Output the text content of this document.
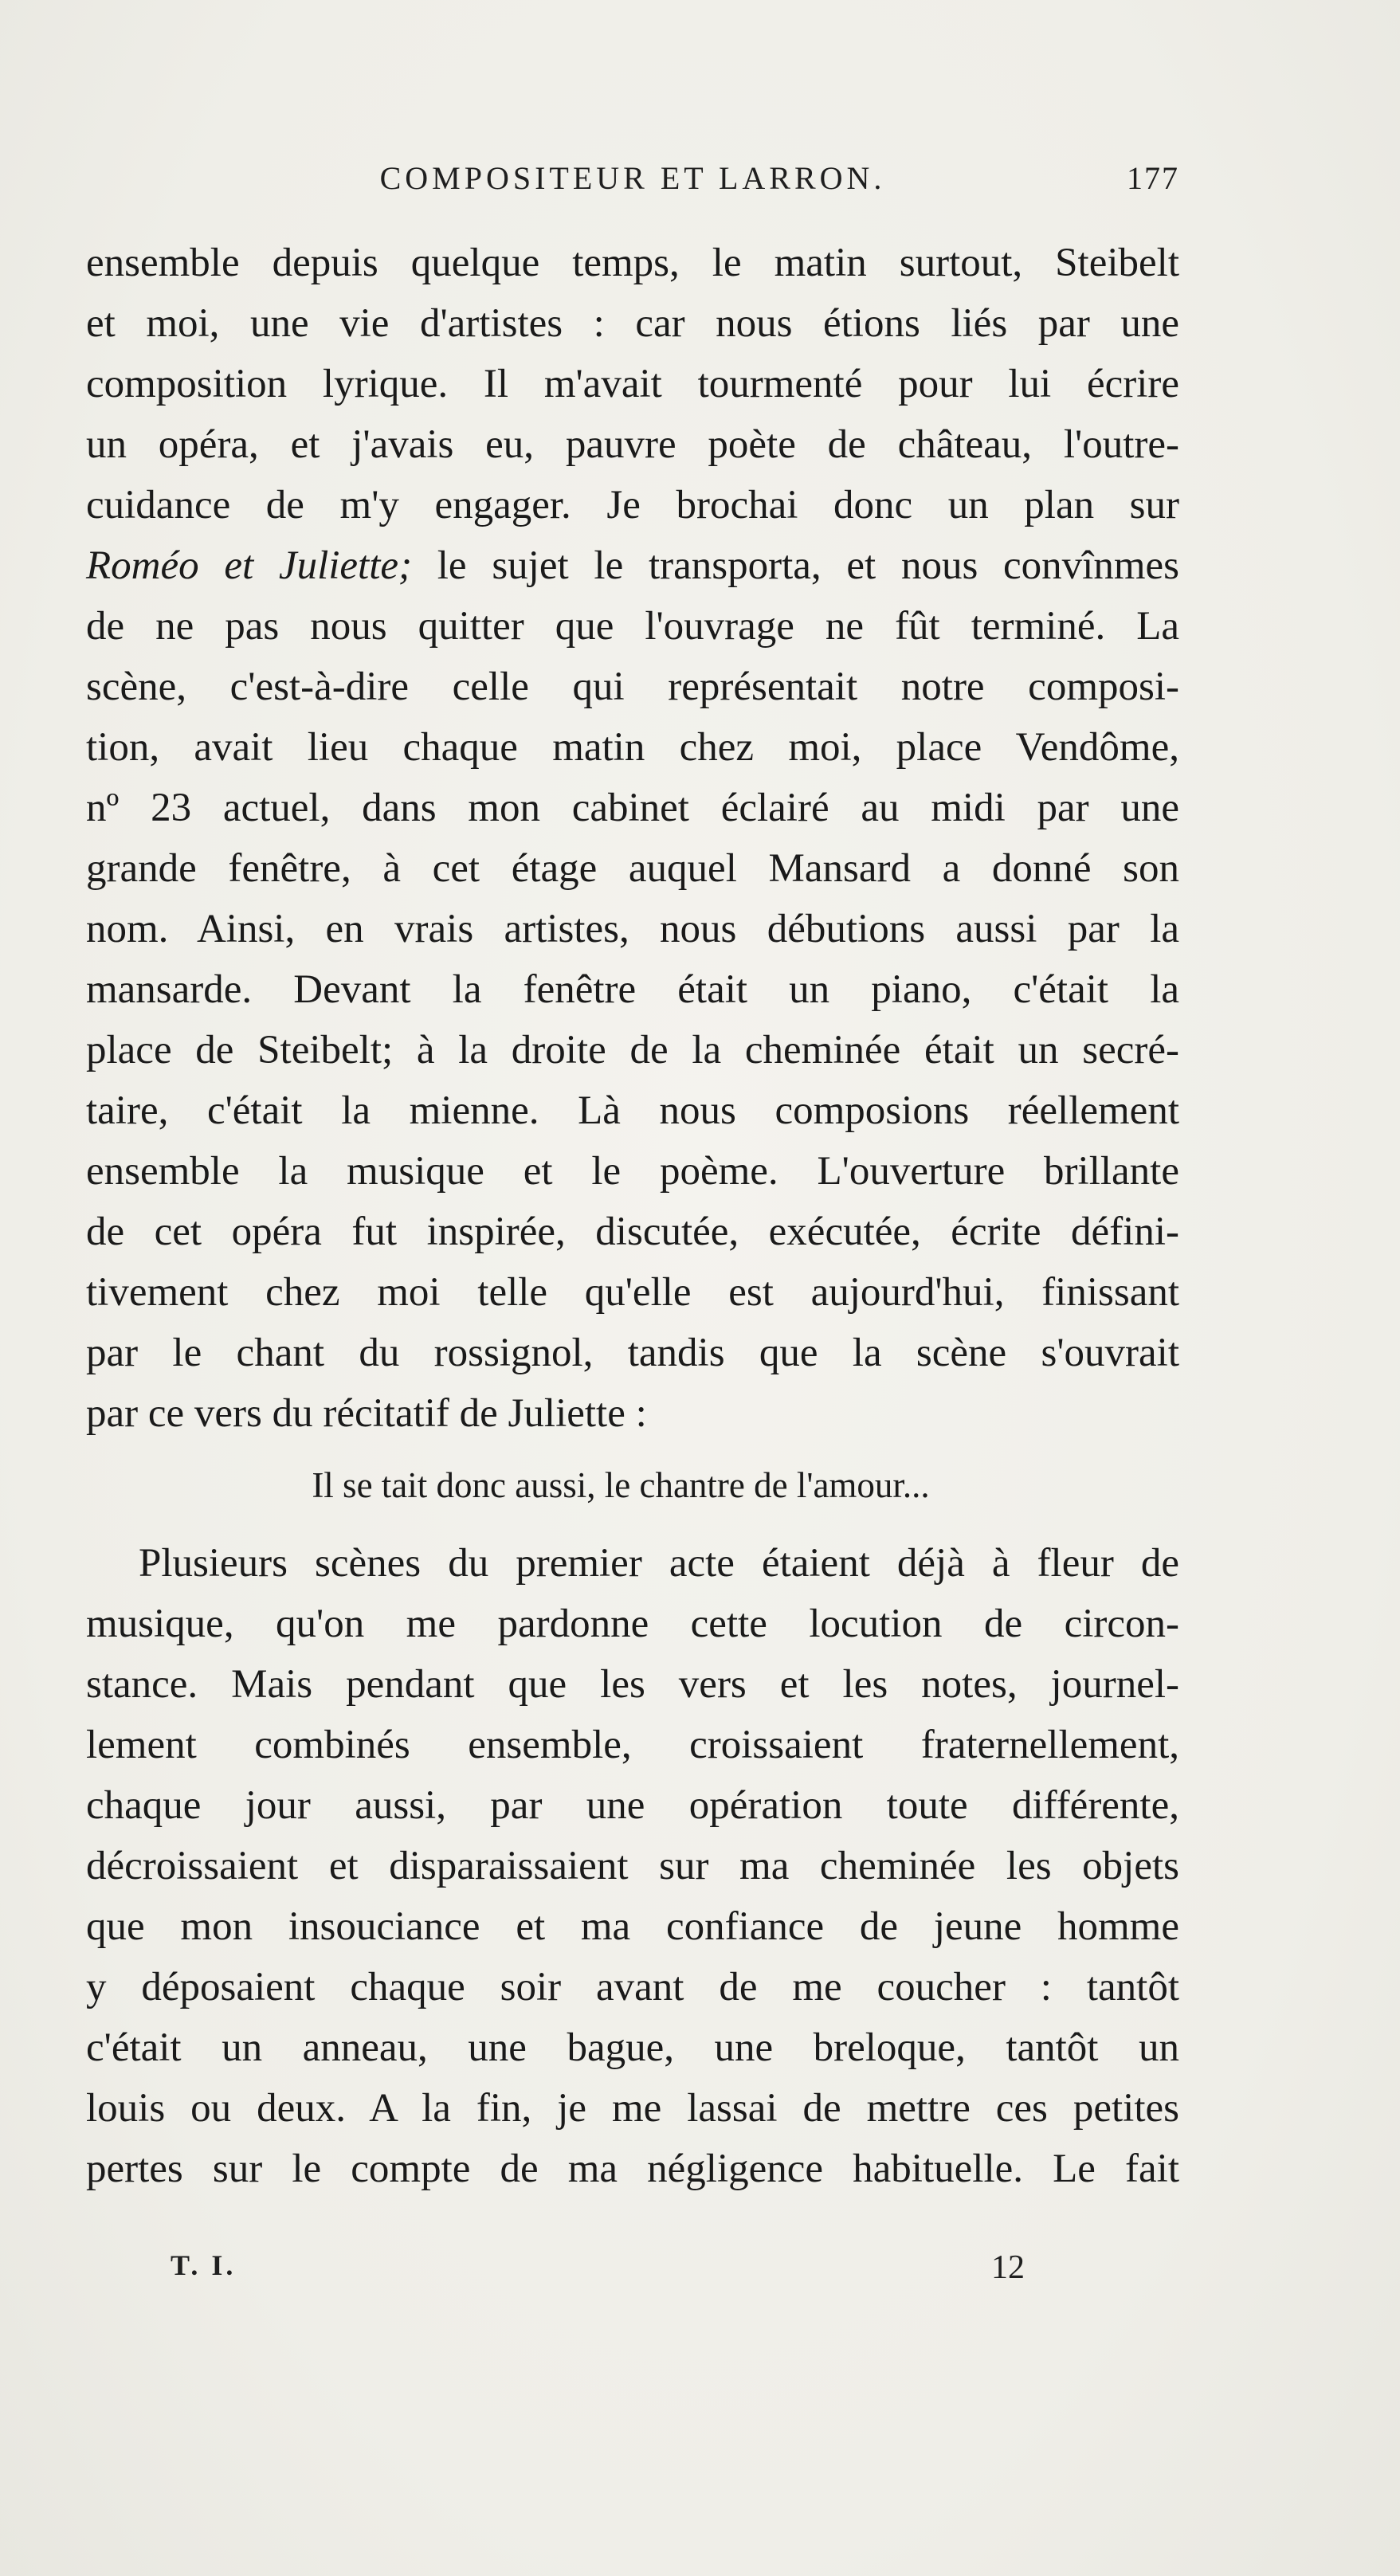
COMPOSITEUR ET LARRON.	177
ensemble depuis quelque temps, le matin surtout, Steibelt
et moi, une vie d'artistes : car nous étions liés par une
composition lyrique. Il m'avait tourmenté pour lui écrire
un opéra, et j'avais eu, pauvre poète de château, l'outre-
cuidance de m'y engager. Je brochai donc un plan sur
Roméo et Juliette; le sujet le transporta, et nous convînmes
de ne pas nous quitter que l'ouvrage ne fût terminé. La
scène, c'est-à-dire celle qui représentait notre composi-
tion, avait lieu chaque matin chez moi, place Vendôme,
nº 23 actuel, dans mon cabinet éclairé au midi par une
grande fenêtre, à cet étage auquel Mansard a donné son
nom. Ainsi, en vrais artistes, nous débutions aussi par la
mansarde. Devant la fenêtre était un piano, c'était la
place de Steibelt; à la droite de la cheminée était un secré-
taire, c'était la mienne. Là nous composions réellement
ensemble la musique et le poème. L'ouverture brillante
de cet opéra fut inspirée, discutée, exécutée, écrite défini-
tivement chez moi telle qu'elle est aujourd'hui, finissant
par le chant du rossignol, tandis que la scène s'ouvrait
par ce vers du récitatif de Juliette :
Il se tait donc aussi, le chantre de l'amour...
Plusieurs scènes du premier acte étaient déjà à fleur de
musique, qu'on me pardonne cette locution de circon-
stance. Mais pendant que les vers et les notes, journel-
lement combinés ensemble, croissaient fraternellement,
chaque jour aussi, par une opération toute différente,
décroissaient et disparaissaient sur ma cheminée les objets
que mon insouciance et ma confiance de jeune homme
y déposaient chaque soir avant de me coucher : tantôt
c'était un anneau, une bague, une breloque, tantôt un
louis ou deux. A la fin, je me lassai de mettre ces petites
pertes sur le compte de ma négligence habituelle. Le fait
T. I.	12
